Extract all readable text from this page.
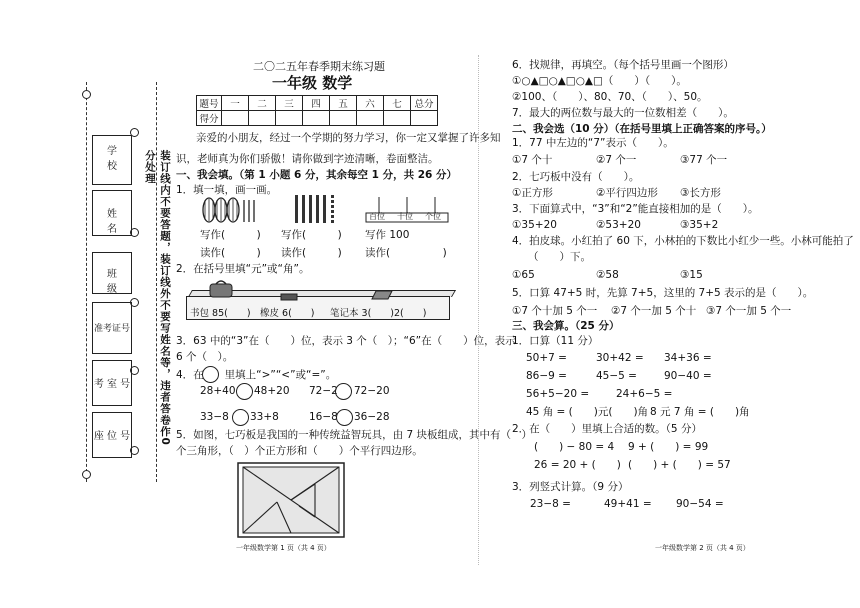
学　　校
姓　　名
班　　级
准考证号
考 室 号
座 位 号	装订线内不要答题，装订线外不要写姓名等，违者答卷作0分处理
二〇二五年春季期末练习题
一年级 数学
题号	一	二	三	四	五	六	七	总分
得分								
亲爱的小朋友，经过一个学期的努力学习，你一定又掌握了许多知
识，老师真为你们骄傲！请你做到字迹清晰，卷面整洁。
一、我会填。（第 1 小题 6 分，其余每空 1 分，共 26 分）
1．填一填，画一画。
百位 十位 个位
写作(　　　) 写作(　　　) 写作 100
读作(　　　) 读作(　　　) 读作(　　　　　)
2．在括号里填“元”或“角”。
书包 85(　　) 橡皮 6(　　) 笔记本 3(　　)2(　　)
3．63 中的“3”在（　　）位，表示 3 个（　）；“6”在（　　）位，表示
6 个（　）。
4．在　　里填上“>”“<”或“=”。
28+40 48+20 72−2 72−20
33−8 33+8	16−8 36−28
5．如图，七巧板是我国的一种传统益智玩具，由 7 块板组成，其中有（　）
个三角形，（　）个正方形和（　　）个平行四边形。
一年级数学第 1 页（共 4 页）
6．找规律，再填空。（每个括号里画一个图形）
①○▲□○▲□○▲□（　　）（　　）。
②100、（　　）、80、70、（　　）、50。
7．最大的两位数与最大的一位数相差（　　）。
二、我会选（10 分）（在括号里填上正确答案的序号。）
1．77 中左边的“7”表示（　　）。
①7 个十	②7 个一	③77 个一
2．七巧板中没有（　　）。
①正方形	②平行四边形 ③长方形
3．下面算式中，“3”和“2”能直接相加的是（　　）。
①35+20	②53+20	③35+2
4．拍皮球。小红拍了 60 下，小林拍的下数比小红少一些。小林可能拍了
（　　）下。
①65	②58	③15
5．口算 47+5 时，先算 7+5，这里的 7+5 表示的是（　　）。
①7 个十加 5 个一 ②7 个一加 5 个十 ③7 个一加 5 个一
三、我会算。（25 分）
1．口算（11 分）
50+7 =	30+42 = 34+36 =
86−9 =	45−5 =	90−40 =
56+5−20 =	24+6−5 =
45 角 = (　　)元(　　)角 8 元 7 角 = (　　)角
2．在（　　）里填上合适的数。（5 分）
(　　) − 80 = 4 9 + (　　) = 99
26 = 20 + (　　) (　　) + (　　) = 57
3．列竖式计算。（9 分）
23−8 =	49+41 = 90−54 =
一年级数学第 2 页（共 4 页）
